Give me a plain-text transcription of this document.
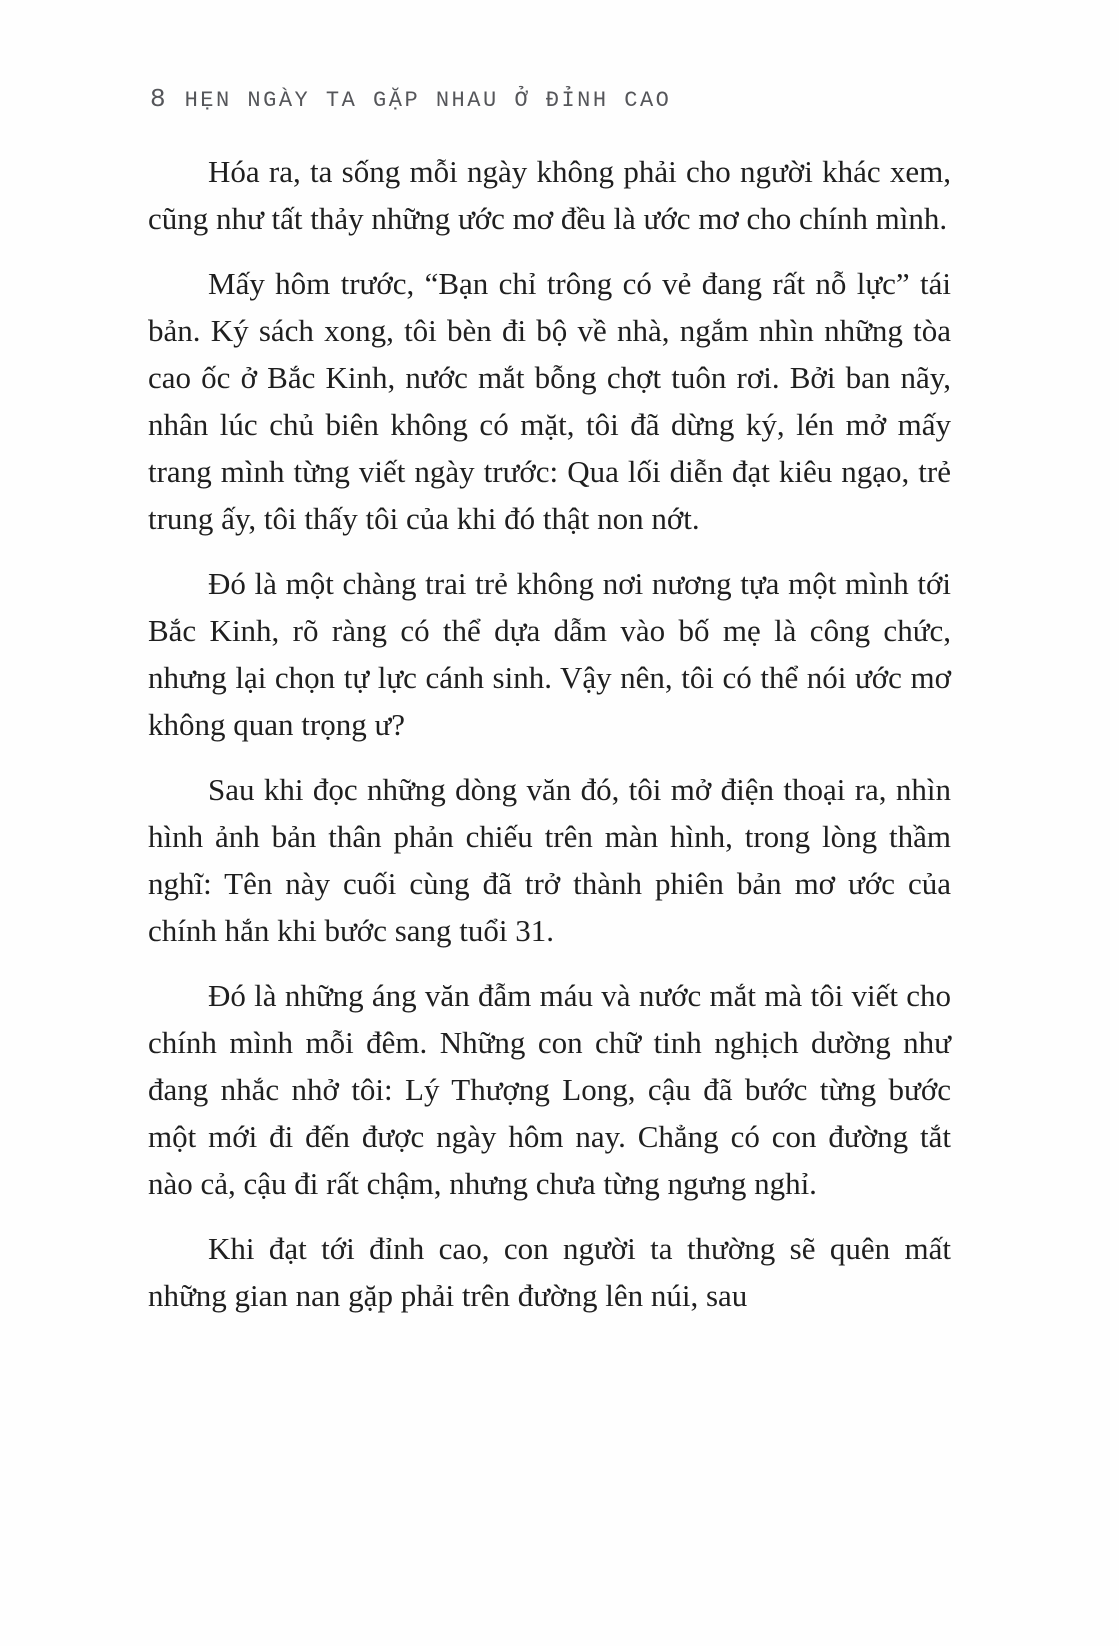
8 HẸN NGÀY TA GẶP NHAU Ở ĐỈNH CAO

Hóa ra, ta sống mỗi ngày không phải cho người khác xem, cũng như tất thảy những ước mơ đều là ước mơ cho chính mình.

Mấy hôm trước, “Bạn chỉ trông có vẻ đang rất nỗ lực” tái bản. Ký sách xong, tôi bèn đi bộ về nhà, ngắm nhìn những tòa cao ốc ở Bắc Kinh, nước mắt bỗng chợt tuôn rơi. Bởi ban nãy, nhân lúc chủ biên không có mặt, tôi đã dừng ký, lén mở mấy trang mình từng viết ngày trước: Qua lối diễn đạt kiêu ngạo, trẻ trung ấy, tôi thấy tôi của khi đó thật non nớt.

Đó là một chàng trai trẻ không nơi nương tựa một mình tới Bắc Kinh, rõ ràng có thể dựa dẫm vào bố mẹ là công chức, nhưng lại chọn tự lực cánh sinh. Vậy nên, tôi có thể nói ước mơ không quan trọng ư?

Sau khi đọc những dòng văn đó, tôi mở điện thoại ra, nhìn hình ảnh bản thân phản chiếu trên màn hình, trong lòng thầm nghĩ: Tên này cuối cùng đã trở thành phiên bản mơ ước của chính hắn khi bước sang tuổi 31.

Đó là những áng văn đẫm máu và nước mắt mà tôi viết cho chính mình mỗi đêm. Những con chữ tinh nghịch dường như đang nhắc nhở tôi: Lý Thượng Long, cậu đã bước từng bước một mới đi đến được ngày hôm nay. Chẳng có con đường tắt nào cả, cậu đi rất chậm, nhưng chưa từng ngưng nghỉ.

Khi đạt tới đỉnh cao, con người ta thường sẽ quên mất những gian nan gặp phải trên đường lên núi, sau
